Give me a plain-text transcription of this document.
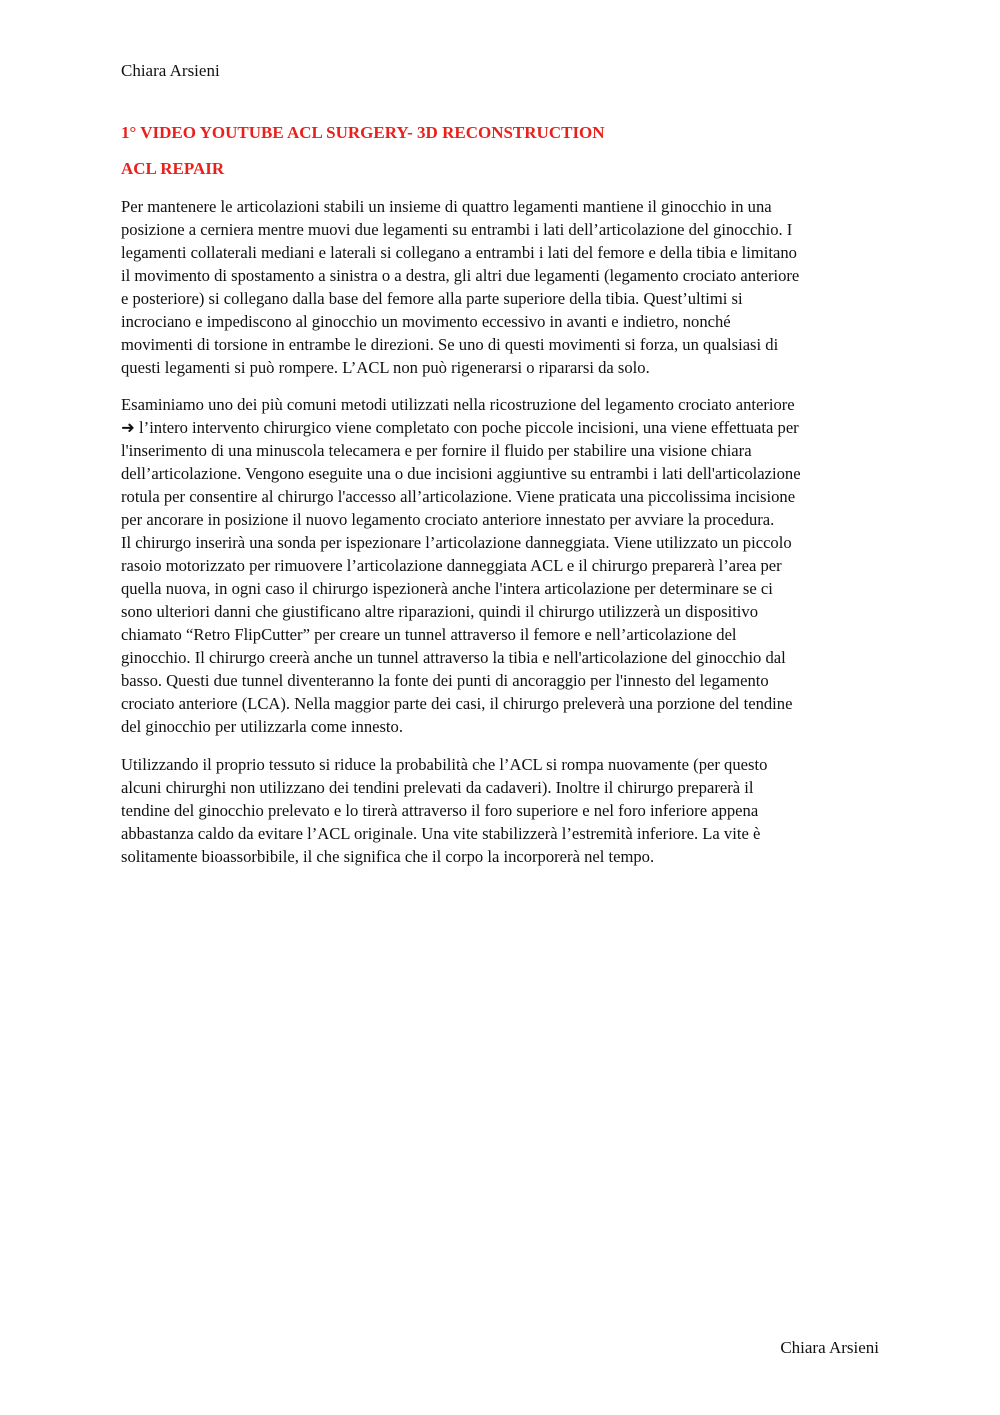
Chiara Arsieni
1° VIDEO YOUTUBE ACL SURGERY- 3D RECONSTRUCTION
ACL REPAIR

Per mantenere le articolazioni stabili un insieme di quattro legamenti mantiene il ginocchio in una
posizione a cerniera mentre muovi due legamenti su entrambi i lati dell’articolazione del ginocchio. I
legamenti collaterali mediani e laterali si collegano a entrambi i lati del femore e della tibia e limitano
il movimento di spostamento a sinistra o a destra, gli altri due legamenti (legamento crociato anteriore
e posteriore) si collegano dalla base del femore alla parte superiore della tibia. Quest’ultimi si
incrociano e impediscono al ginocchio un movimento eccessivo in avanti e indietro, nonché
movimenti di torsione in entrambe le direzioni. Se uno di questi movimenti si forza, un qualsiasi di
questi legamenti si può rompere. L’ACL non può rigenerarsi o ripararsi da solo.

Esaminiamo uno dei più comuni metodi utilizzati nella ricostruzione del legamento crociato anteriore
➜ l’intero intervento chirurgico viene completato con poche piccole incisioni, una viene effettuata per
l'inserimento di una minuscola telecamera e per fornire il fluido per stabilire una visione chiara
dell’articolazione. Vengono eseguite una o due incisioni aggiuntive su entrambi i lati dell'articolazione
rotula per consentire al chirurgo l'accesso all’articolazione. Viene praticata una piccolissima incisione
per ancorare in posizione il nuovo legamento crociato anteriore innestato per avviare la procedura.
Il chirurgo inserirà una sonda per ispezionare l’articolazione danneggiata. Viene utilizzato un piccolo
rasoio motorizzato per rimuovere l’articolazione danneggiata ACL e il chirurgo preparerà l’area per
quella nuova, in ogni caso il chirurgo ispezionerà anche l'intera articolazione per determinare se ci
sono ulteriori danni che giustificano altre riparazioni, quindi il chirurgo utilizzerà un dispositivo
chiamato “Retro FlipCutter” per creare un tunnel attraverso il femore e nell’articolazione del
ginocchio. Il chirurgo creerà anche un tunnel attraverso la tibia e nell'articolazione del ginocchio dal
basso. Questi due tunnel diventeranno la fonte dei punti di ancoraggio per l'innesto del legamento
crociato anteriore (LCA). Nella maggior parte dei casi, il chirurgo preleverà una porzione del tendine
del ginocchio per utilizzarla come innesto.

Utilizzando il proprio tessuto si riduce la probabilità che l’ACL si rompa nuovamente (per questo
alcuni chirurghi non utilizzano dei tendini prelevati da cadaveri). Inoltre il chirurgo preparerà il
tendine del ginocchio prelevato e lo tirerà attraverso il foro superiore e nel foro inferiore appena
abbastanza caldo da evitare l’ACL originale. Una vite stabilizzerà l’estremità inferiore. La vite è
solitamente bioassorbibile, il che significa che il corpo la incorporerà nel tempo.

Chiara Arsieni
